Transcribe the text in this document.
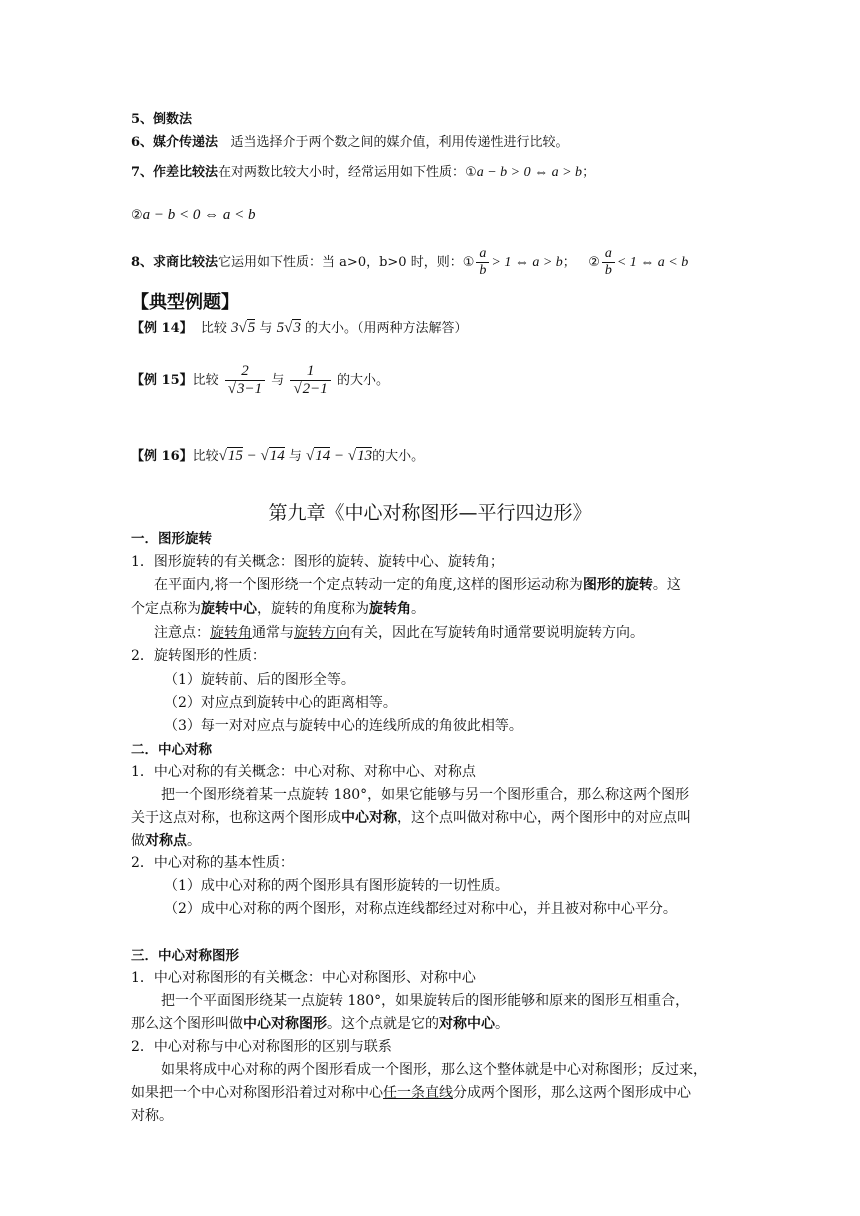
5、倒数法
6、媒介传递法 适当选择介于两个数之间的媒介值，利用传递性进行比较。
7、作差比较法在对两数比较大小时，经常运用如下性质：①a − b > 0 ⇔ a > b；
②a − b < 0 ⇔ a < b
8、求商比较法它运用如下性质：当 a>0，b>0 时，则：① $\frac{a}{b} > 1$ ⇔ a > b； ② $\frac{a}{b} < 1$ ⇔ a < b
【典型例题】
【例 14】 比较 3√5 与 5√3 的大小。（用两种方法解答）
【例 15】比较 $\frac{2}{√3-1}$ 与 $\frac{1}{√2-1}$ 的大小。
【例 16】比较√15 − √14 与 √14 − √13的大小。
第九章《中心对称图形—平行四边形》
一．图形旋转
1．图形旋转的有关概念：图形的旋转、旋转中心、旋转角；
在平面内,将一个图形绕一个定点转动一定的角度,这样的图形运动称为图形的旋转。这
个定点称为旋转中心，旋转的角度称为旋转角。
注意点：旋转角通常与旋转方向有关，因此在写旋转角时通常要说明旋转方向。
2．旋转图形的性质：
（1）旋转前、后的图形全等。
（2）对应点到旋转中心的距离相等。
（3）每一对对应点与旋转中心的连线所成的角彼此相等。
二．中心对称
1．中心对称的有关概念：中心对称、对称中心、对称点
把一个图形绕着某一点旋转 180°，如果它能够与另一个图形重合，那么称这两个图形
关于这点对称，也称这两个图形成中心对称，这个点叫做对称中心，两个图形中的对应点叫
做对称点。
2．中心对称的基本性质：
（1）成中心对称的两个图形具有图形旋转的一切性质。
（2）成中心对称的两个图形，对称点连线都经过对称中心，并且被对称中心平分。
三．中心对称图形
1．中心对称图形的有关概念：中心对称图形、对称中心
把一个平面图形绕某一点旋转 180°，如果旋转后的图形能够和原来的图形互相重合，
那么这个图形叫做中心对称图形。这个点就是它的对称中心。
2．中心对称与中心对称图形的区别与联系
如果将成中心对称的两个图形看成一个图形，那么这个整体就是中心对称图形；反过来，
如果把一个中心对称图形沿着过对称中心任一条直线分成两个图形，那么这两个图形成中心
对称。
